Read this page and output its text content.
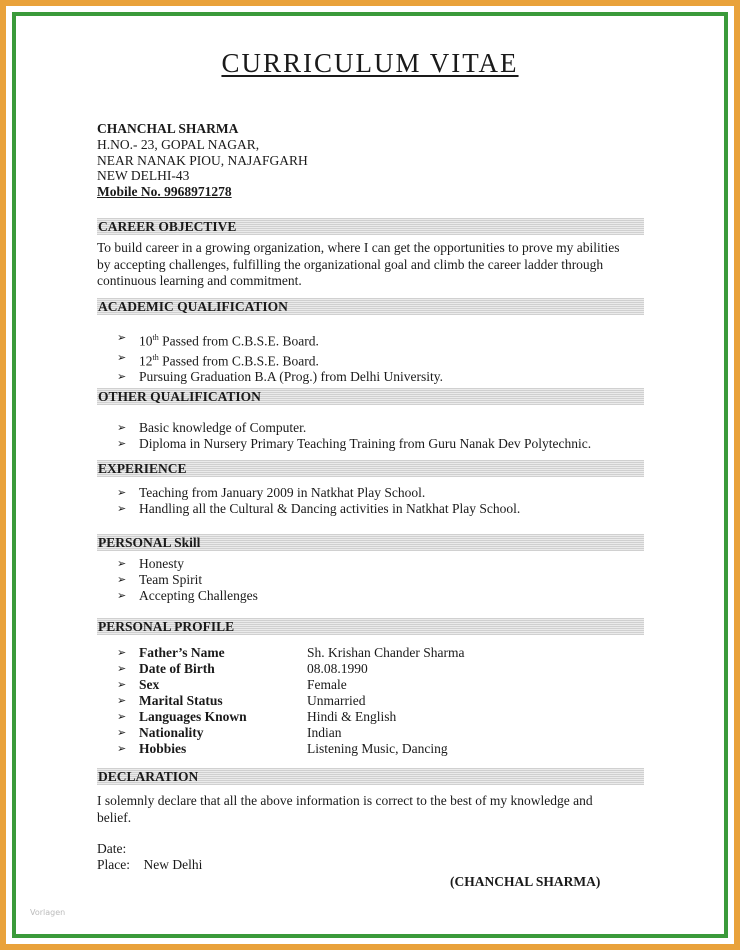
CURRICULUM VITAE
CHANCHAL SHARMA
H.NO.- 23, GOPAL NAGAR,
NEAR NANAK PIOU, NAJAFGARH
NEW DELHI-43
Mobile No. 9968971278
CAREER OBJECTIVE
To build career in a growing organization, where I can get the opportunities to prove my abilities
by accepting challenges, fulfilling the organizational goal and climb the career ladder through
continuous learning and commitment.
ACADEMIC QUALIFICATION
➢ 10th Passed from C.B.S.E. Board.
➢ 12th Passed from C.B.S.E. Board.
➢ Pursuing Graduation B.A (Prog.) from Delhi University.
OTHER QUALIFICATION
➢ Basic knowledge of Computer.
➢ Diploma in Nursery Primary Teaching Training from Guru Nanak Dev Polytechnic.
EXPERIENCE
➢ Teaching from January 2009 in Natkhat Play School.
➢ Handling all the Cultural & Dancing activities in Natkhat Play School.
PERSONAL Skill
➢ Honesty
➢ Team Spirit
➢ Accepting Challenges
PERSONAL PROFILE
➢ Father’s Name	Sh. Krishan Chander Sharma
➢ Date of Birth	08.08.1990
➢ Sex	Female
➢ Marital Status	Unmarried
➢ Languages Known	Hindi & English
➢ Nationality	Indian
➢ Hobbies	Listening Music, Dancing
DECLARATION
I solemnly declare that all the above information is correct to the best of my knowledge and
belief.
Date:
Place: New Delhi
(CHANCHAL SHARMA)
Vorlagen
